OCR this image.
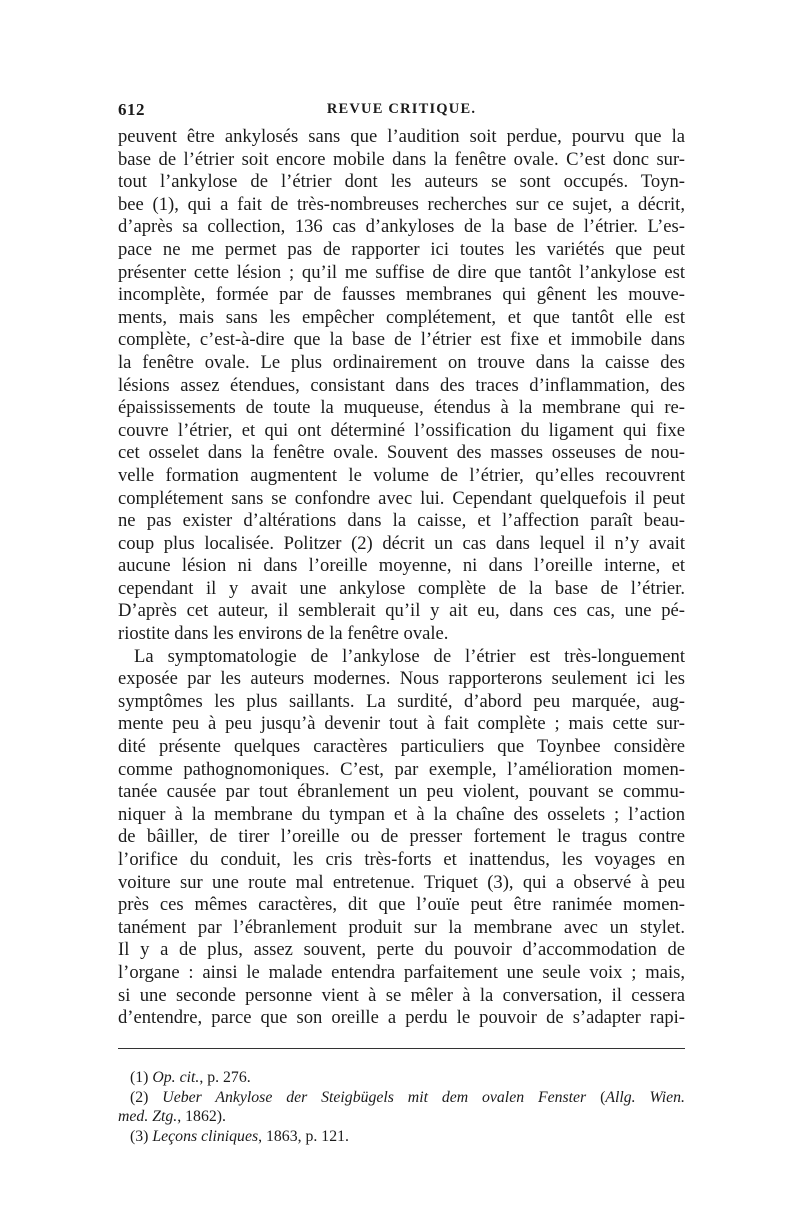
612	REVUE CRITIQUE.
peuvent être ankylosés sans que l’audition soit perdue, pourvu que la
base de l’étrier soit encore mobile dans la fenêtre ovale. C’est donc sur-
tout l’ankylose de l’étrier dont les auteurs se sont occupés. Toyn-
bee (1), qui a fait de très-nombreuses recherches sur ce sujet, a décrit,
d’après sa collection, 136 cas d’ankyloses de la base de l’étrier. L’es-
pace ne me permet pas de rapporter ici toutes les variétés que peut
présenter cette lésion ; qu’il me suffise de dire que tantôt l’ankylose est
incomplète, formée par de fausses membranes qui gênent les mouve-
ments, mais sans les empêcher complétement, et que tantôt elle est
complète, c’est-à-dire que la base de l’étrier est fixe et immobile dans
la fenêtre ovale. Le plus ordinairement on trouve dans la caisse des
lésions assez étendues, consistant dans des traces d’inflammation, des
épaississements de toute la muqueuse, étendus à la membrane qui re-
couvre l’étrier, et qui ont déterminé l’ossification du ligament qui fixe
cet osselet dans la fenêtre ovale. Souvent des masses osseuses de nou-
velle formation augmentent le volume de l’étrier, qu’elles recouvrent
complétement sans se confondre avec lui. Cependant quelquefois il peut
ne pas exister d’altérations dans la caisse, et l’affection paraît beau-
coup plus localisée. Politzer (2) décrit un cas dans lequel il n’y avait
aucune lésion ni dans l’oreille moyenne, ni dans l’oreille interne, et
cependant il y avait une ankylose complète de la base de l’étrier.
D’après cet auteur, il semblerait qu’il y ait eu, dans ces cas, une pé-
riostite dans les environs de la fenêtre ovale.
La symptomatologie de l’ankylose de l’étrier est très-longuement
exposée par les auteurs modernes. Nous rapporterons seulement ici les
symptômes les plus saillants. La surdité, d’abord peu marquée, aug-
mente peu à peu jusqu’à devenir tout à fait complète ; mais cette sur-
dité présente quelques caractères particuliers que Toynbee considère
comme pathognomoniques. C’est, par exemple, l’amélioration momen-
tanée causée par tout ébranlement un peu violent, pouvant se commu-
niquer à la membrane du tympan et à la chaîne des osselets ; l’action
de bâiller, de tirer l’oreille ou de presser fortement le tragus contre
l’orifice du conduit, les cris très-forts et inattendus, les voyages en
voiture sur une route mal entretenue. Triquet (3), qui a observé à peu
près ces mêmes caractères, dit que l’ouïe peut être ranimée momen-
tanément par l’ébranlement produit sur la membrane avec un stylet.
Il y a de plus, assez souvent, perte du pouvoir d’accommodation de
l’organe : ainsi le malade entendra parfaitement une seule voix ; mais,
si une seconde personne vient à se mêler à la conversation, il cessera
d’entendre, parce que son oreille a perdu le pouvoir de s’adapter rapi-
(1) Op. cit., p. 276.
(2) Ueber Ankylose der Steigbügels mit dem ovalen Fenster (Allg. Wien.
med. Ztg., 1862).
(3) Leçons cliniques, 1863, p. 121.
